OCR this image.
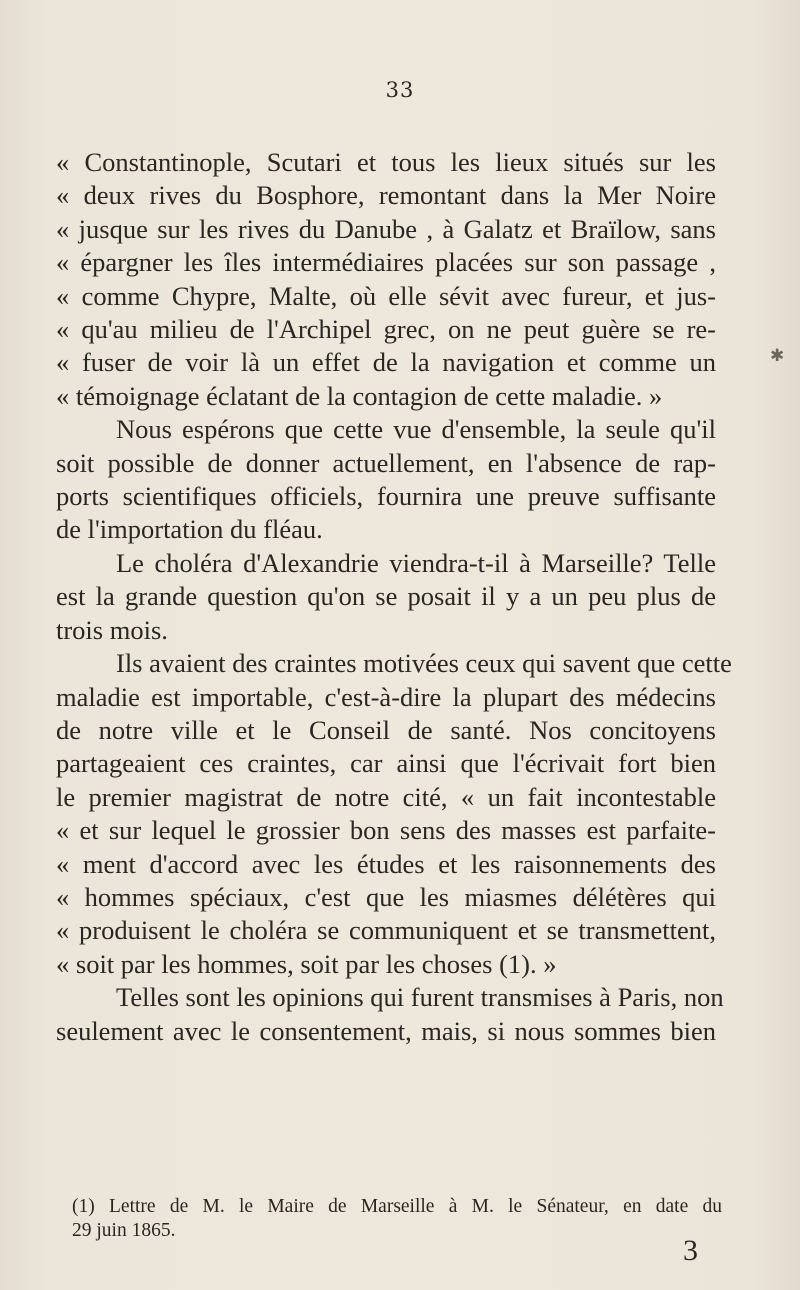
33
« Constantinople, Scutari et tous les lieux situés sur les
« deux rives du Bosphore, remontant dans la Mer Noire
« jusque sur les rives du Danube , à Galatz et Braïlow, sans
« épargner les îles intermédiaires placées sur son passage ,
« comme Chypre, Malte, où elle sévit avec fureur, et jus-
« qu'au milieu de l'Archipel grec, on ne peut guère se re-
« fuser de voir là un effet de la navigation et comme un
« témoignage éclatant de la contagion de cette maladie. »
Nous espérons que cette vue d'ensemble, la seule qu'il
soit possible de donner actuellement, en l'absence de rap-
ports scientifiques officiels, fournira une preuve suffisante
de l'importation du fléau.
Le choléra d'Alexandrie viendra-t-il à Marseille? Telle
est la grande question qu'on se posait il y a un peu plus de
trois mois.
Ils avaient des craintes motivées ceux qui savent que cette
maladie est importable, c'est-à-dire la plupart des médecins
de notre ville et le Conseil de santé. Nos concitoyens
partageaient ces craintes, car ainsi que l'écrivait fort bien
le premier magistrat de notre cité, « un fait incontestable
« et sur lequel le grossier bon sens des masses est parfaite-
« ment d'accord avec les études et les raisonnements des
« hommes spéciaux, c'est que les miasmes délétères qui
« produisent le choléra se communiquent et se transmettent,
« soit par les hommes, soit par les choses (1). »
Telles sont les opinions qui furent transmises à Paris, non
seulement avec le consentement, mais, si nous sommes bien
(1) Lettre de M. le Maire de Marseille à M. le Sénateur, en date du
29 juin 1865.
3
✱
